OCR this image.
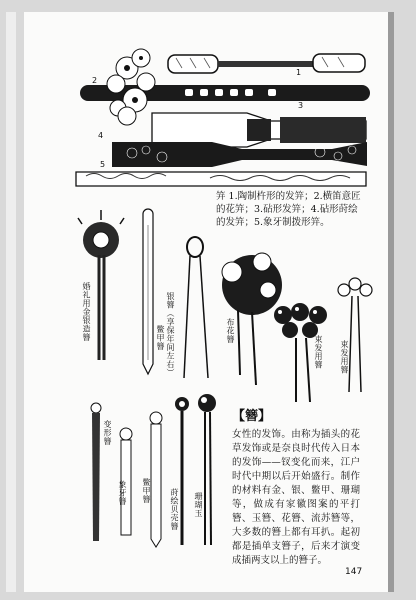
1
2
3
4
5
笄 1.陶制杵形的发笄；2.横笛意匠的花笄；3.砧形发笄；4.砧形莳绘的发笄；5.象牙制拨形笄。
婚礼用金银造簪	鳖甲簪 银簪（享保年间左右）	布花簪
束发用簪 束发用簪
变形簪
象牙簪 鳖甲簪 莳绘贝壳簪 珊瑚玉
【簪】
女性的发饰。由称为插头的花草发饰或是奈良时代传入日本的发饰——钗变化而来，江户时代中期以后开始盛行。制作的材料有金、银、鳖甲、珊瑚等，做成有家徽图案的平打簪、玉簪、花簪、流苏簪等，大多数的簪上都有耳扒。起初都是插单支簪子，后来才演变成插两支以上的簪子。
147
